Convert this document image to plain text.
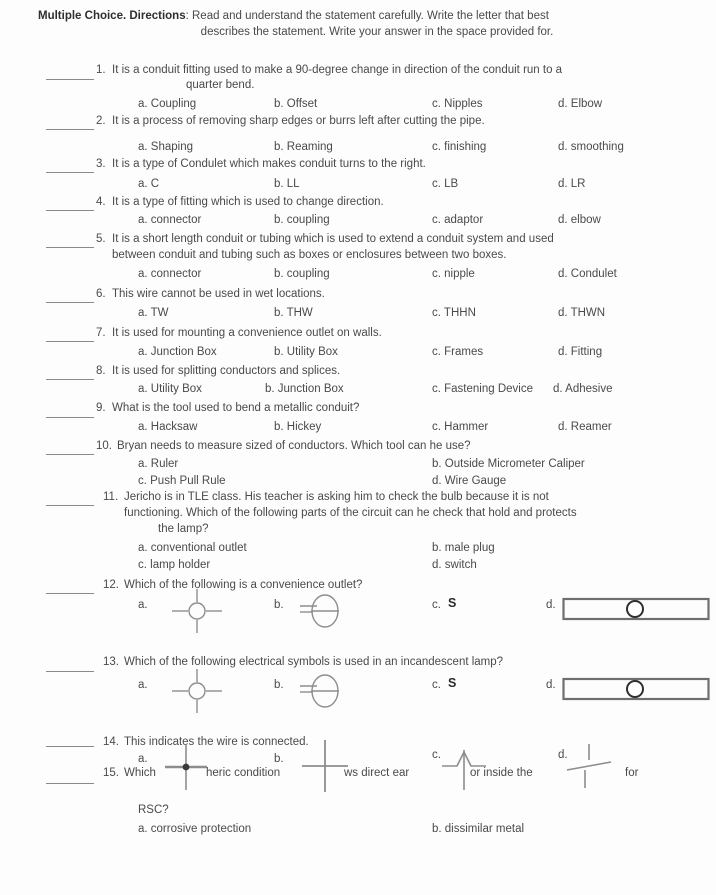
Multiple Choice. Directions: Read and understand the statement carefully. Write the letter that best
describes the statement. Write your answer in the space provided for.
1. It is a conduit fitting used to make a 90-degree change in direction of the conduit run to a
quarter bend.
a. Coupling	b. Offset	c. Nipples	d. Elbow
2. It is a process of removing sharp edges or burrs left after cutting the pipe.
a. Shaping	b. Reaming	c. finishing	d. smoothing
3. It is a type of Condulet which makes conduit turns to the right.
a. C	b. LL	c. LB	d. LR
4. It is a type of fitting which is used to change direction.
a. connector	b. coupling	c. adaptor	d. elbow
5. It is a short length conduit or tubing which is used to extend a conduit system and used
between conduit and tubing such as boxes or enclosures between two boxes.
a. connector	b. coupling	c. nipple	d. Condulet
6. This wire cannot be used in wet locations.
a. TW	b. THW	c. THHN	d. THWN
7. It is used for mounting a convenience outlet on walls.
a. Junction Box	b. Utility Box	c. Frames	d. Fitting
8. It is used for splitting conductors and splices.
a. Utility Box	b. Junction Box	c. Fastening Device d. Adhesive
9. What is the tool used to bend a metallic conduit?
a. Hacksaw	b. Hickey	c. Hammer	d. Reamer
10. Bryan needs to measure sized of conductors. Which tool can he use?
a. Ruler	b. Outside Micrometer Caliper
c. Push Pull Rule	d. Wire Gauge
11. Jericho is in TLE class. His teacher is asking him to check the bulb because it is not
functioning. Which of the following parts of the circuit can he check that hold and protects
the lamp?
a. conventional outlet	b. male plug
c. lamp holder	d. switch
12. Which of the following is a convenience outlet?
a.	b.	c. S	d.
13. Which of the following electrical symbols is used in an incandescent lamp?
a.	b.	c. S	d.
14. This indicates the wire is connected.
a.	b.	c.	d.
15. Which	heric condition	ws direct ear	or inside the	for
RSC?
a. corrosive protection	b. dissimilar metal
